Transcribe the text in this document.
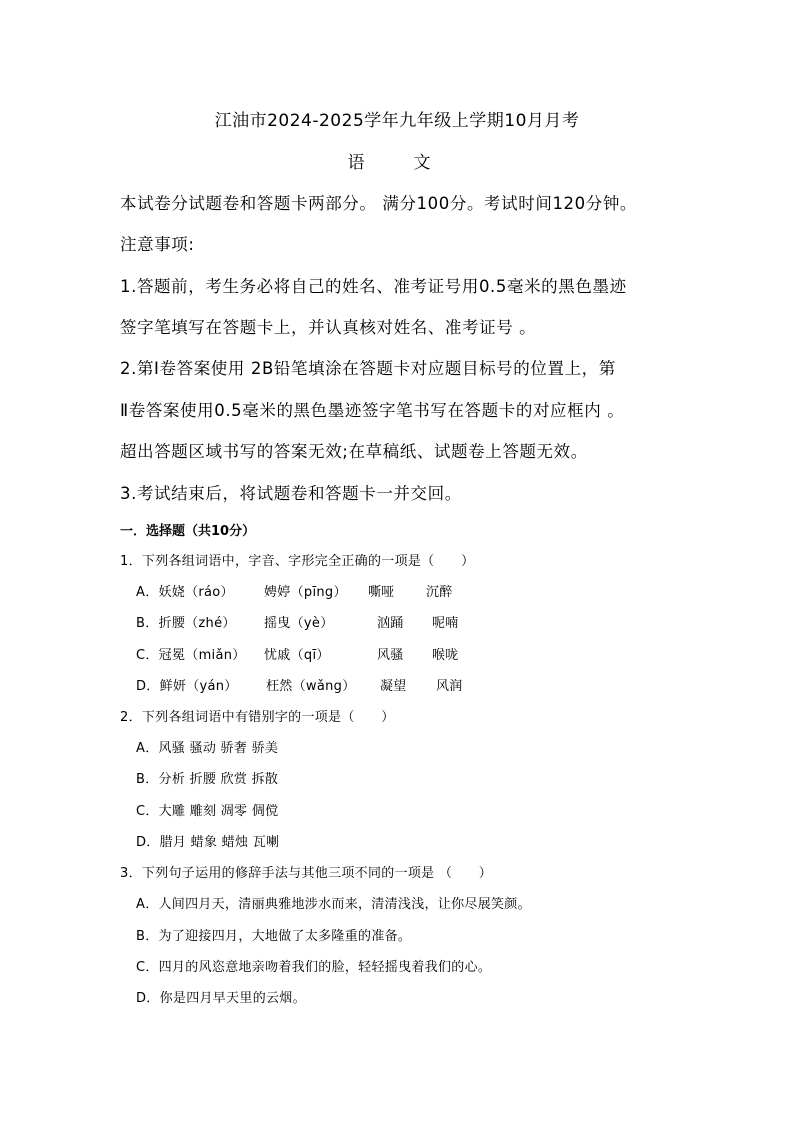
江油市2024-2025学年九年级上学期10月月考
语　文
本试卷分试题卷和答题卡两部分。 满分100分。考试时间120分钟。
注意事项:
1.答题前，考生务必将自己的姓名、准考证号用0.5毫米的黑色墨迹
签字笔填写在答题卡上，并认真核对姓名、准考证号 。
2.第Ⅰ卷答案使用 2B铅笔填涂在答题卡对应题目标号的位置上，第
Ⅱ卷答案使用0.5毫米的黑色墨迹签字笔书写在答题卡的对应框内 。
超出答题区域书写的答案无效;在草稿纸、试题卷上答题无效。
3.考试结束后，将试题卷和答题卡一并交回。
一．选择题（共10分）
1．下列各组词语中，字音、字形完全正确的一项是（　　）
A．妖娆（ráo） 娉婷（pīng） 嘶哑 沉醉
B．折腰（zhé） 摇曳（yè）	汹踊 呢喃
C．冠冕（miǎn） 忧戚（qī）	风骚 喉咙
D．鲜妍（yán） 枉然（wǎng） 凝望 风润
2．下列各组词语中有错别字的一项是（　　）
A．风骚 骚动 骄奢 骄美
B．分析 折腰 欣赏 拆散
C．大雕 雕刻 凋零 倜傥
D．腊月 蜡象 蜡烛 瓦喇
3．下列句子运用的修辞手法与其他三项不同的一项是 （　　）
A．人间四月天，清丽典雅地涉水而来，清清浅浅，让你尽展笑颜。
B．为了迎接四月，大地做了太多隆重的准备。
C．四月的风恣意地亲吻着我们的脸，轻轻摇曳着我们的心。
D．你是四月早天里的云烟。
